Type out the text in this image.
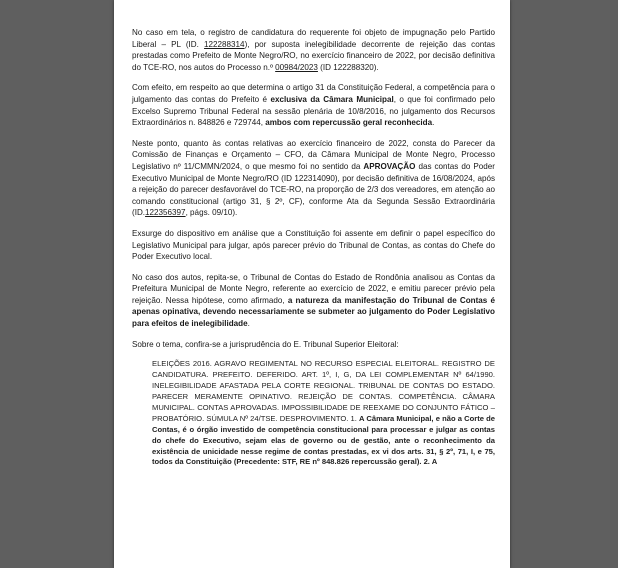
No caso em tela, o registro de candidatura do requerente foi objeto de impugnação pelo Partido Liberal – PL (ID. 122288314), por suposta inelegibilidade decorrente de rejeição das contas prestadas como Prefeito de Monte Negro/RO, no exercício financeiro de 2022, por decisão definitiva do TCE-RO, nos autos do Processo n.º 00984/2023 (ID 122288320).

Com efeito, em respeito ao que determina o artigo 31 da Constituição Federal, a competência para o julgamento das contas do Prefeito é exclusiva da Câmara Municipal, o que foi confirmado pelo Excelso Supremo Tribunal Federal na sessão plenária de 10/8/2016, no julgamento dos Recursos Extraordinários n. 848826 e 729744, ambos com repercussão geral reconhecida.

Neste ponto, quanto às contas relativas ao exercício financeiro de 2022, consta do Parecer da Comissão de Finanças e Orçamento – CFO, da Câmara Municipal de Monte Negro, Processo Legislativo nº 11/CMMN/2024, o que mesmo foi no sentido da APROVAÇÃO das contas do Poder Executivo Municipal de Monte Negro/RO (ID 122314090), por decisão definitiva de 16/08/2024, após a rejeição do parecer desfavorável do TCE-RO, na proporção de 2/3 dos vereadores, em atenção ao comando constitucional (artigo 31, § 2º, CF), conforme Ata da Segunda Sessão Extraordinária (ID.122356397, págs. 09/10).

Exsurge do dispositivo em análise que a Constituição foi assente em definir o papel específico do Legislativo Municipal para julgar, após parecer prévio do Tribunal de Contas, as contas do Chefe do Poder Executivo local.

No caso dos autos, repita-se, o Tribunal de Contas do Estado de Rondônia analisou as Contas da Prefeitura Municipal de Monte Negro, referente ao exercício de 2022, e emitiu parecer prévio pela rejeição. Nessa hipótese, como afirmado, a natureza da manifestação do Tribunal de Contas é apenas opinativa, devendo necessariamente se submeter ao julgamento do Poder Legislativo para efeitos de inelegibilidade.

Sobre o tema, confira-se a jurisprudência do E. Tribunal Superior Eleitoral:

ELEIÇÕES 2016. AGRAVO REGIMENTAL NO RECURSO ESPECIAL ELEITORAL. REGISTRO DE CANDIDATURA. PREFEITO. DEFERIDO. ART. 1º, I, G, DA LEI COMPLEMENTAR Nº 64/1990. INELEGIBILIDADE AFASTADA PELA CORTE REGIONAL. TRIBUNAL DE CONTAS DO ESTADO. PARECER MERAMENTE OPINATIVO. REJEIÇÃO DE CONTAS. COMPETÊNCIA. CÂMARA MUNICIPAL. CONTAS APROVADAS. IMPOSSIBILIDADE DE REEXAME DO CONJUNTO FÁTICO – PROBATÓRIO. SÚMULA Nº 24/TSE. DESPROVIMENTO. 1. A Câmara Municipal, e não a Corte de Contas, é o órgão investido de competência constitucional para processar e julgar as contas do chefe do Executivo, sejam elas de governo ou de gestão, ante o reconhecimento da existência de unicidade nesse regime de contas prestadas, ex vi dos arts. 31, § 2º, 71, I, e 75, todos da Constituição (Precedente: STF, RE nº 848.826 repercussão geral). 2. A
